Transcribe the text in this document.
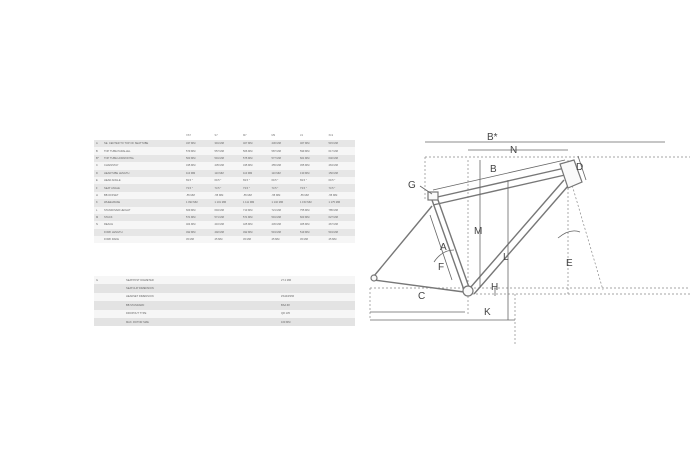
		XS7	S7	M7	M9	L9	XL9
A	SE. CENTER TO TOP OF SEATTUBE	347 MM	391 MM	407 MM	430 MM	467 MM	515 MM
B	TOP TUBE PARALLEL	579 MM	557 MM	566 MM	587 MM	599 MM	617 MM
B*	TOP TUBE HORIZONTAL	563 MM	591 MM	575 MM	577 MM	601 MM	640 MM
C	CHAINSTAY	435 MM	435 MM	435 MM	455 MM	455 MM	463 MM
D	HEADTUBE LENGTH	110 MM	110 MM	110 MM	110 MM	130 MM	150 MM
E	HEAD ANGLE	69.5 °	69.5 °	69.5 °	69.5 °	69.5 °	69.5 °
F	SEAT ANGLE	73.5 °	73.5 °	73.5 °	73.5 °	73.5 °	73.5 °
H	BB OFFSET	-55 MM	-55 MM	-55 MM	-55 MM	-55 MM	-55 MM
K	WHEELBASE	1 093 MM	1 101 MM	1 111 MM	1 132 MM	1 153 MM	1 175 MM
L	STANDOVER HEIGHT	669 MM	694 MM	713 MM	721 MM	755 MM	785 MM
M	STACK	571 MM	571 MM	571 MM	591 MM	603 MM	627 MM
N	REACH	404 MM	416 MM	425 MM	445 MM	465 MM	467 MM
	FORK LENGTH	492 MM	492 MM	492 MM	519 MM	519 MM	519 MM
	FORK RAKE	45 MM	45 MM	45 MM	45 MM	45 MM	45 MM
G	SEATPOST DIAMETER	27.2 MM
	SEATCLIP DIMENSION	
	HEADSET DIMENSION	ZS44/ZS56
	BB STANDARD	BSA 68
	DROPOUT TYPE	QR 135
	MAX. ROTOR SIZE	160 MM
B*
N
B	D
G
M
A
F
L
E
H
C
K
